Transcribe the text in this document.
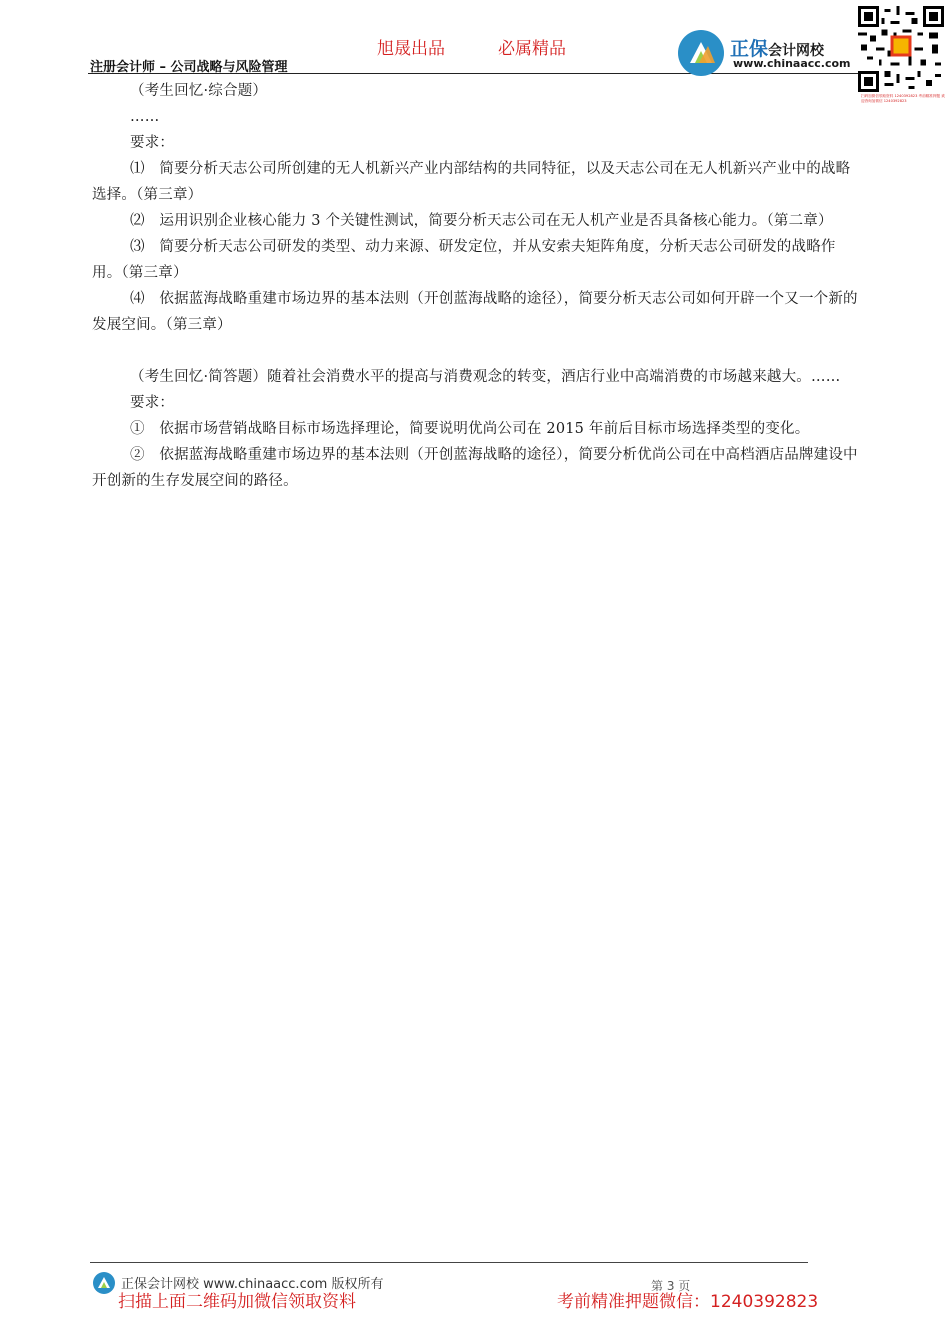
旭晟出品	必属精品
注册会计师 – 公司战略与风险管理
正保会计网校
www.chinaacc.com
扫码加微信领取资料 1240392823 考前精准押题 欢迎咨询加微信 1240392823

（考生回忆·综合题）

……

要求：

⑴　简要分析天志公司所创建的无人机新兴产业内部结构的共同特征，以及天志公司在无人机新兴产业中的战略选择。（第三章）

⑵　运用识别企业核心能力 3 个关键性测试，简要分析天志公司在无人机产业是否具备核心能力。（第二章）

⑶　简要分析天志公司研发的类型、动力来源、研发定位，并从安索夫矩阵角度，分析天志公司研发的战略作用。（第三章）

⑷　依据蓝海战略重建市场边界的基本法则（开创蓝海战略的途径），简要分析天志公司如何开辟一个又一个新的发展空间。（第三章）

（考生回忆·简答题）随着社会消费水平的提高与消费观念的转变，酒店行业中高端消费的市场越来越大。……

要求：

①　依据市场营销战略目标市场选择理论，简要说明优尚公司在 2015 年前后目标市场选择类型的变化。

②　依据蓝海战略重建市场边界的基本法则（开创蓝海战略的途径），简要分析优尚公司在中高档酒店品牌建设中开创新的生存发展空间的路径。

正保会计网校 www.chinaacc.com 版权所有	第 3 页
扫描上面二维码加微信领取资料	考前精准押题微信：1240392823
